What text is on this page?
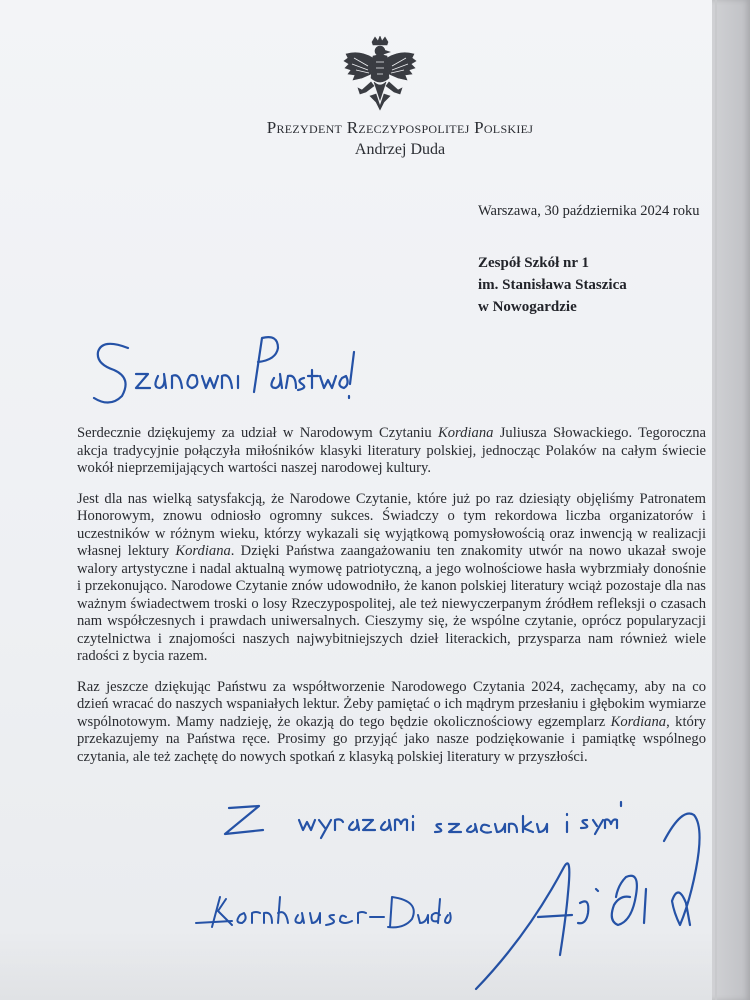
Prezydent Rzeczypospolitej Polskiej
Andrzej Duda
Warszawa, 30 października 2024 roku
Zespół Szkół nr 1
im. Stanisława Staszica
w Nowogardzie

Serdecznie dziękujemy za udział w Narodowym Czytaniu Kordiana Juliusza Słowackiego. Tegoroczna akcja tradycyjnie połączyła miłośników klasyki literatury polskiej, jednocząc Polaków na całym świecie wokół nieprzemijających wartości naszej narodowej kultury.

Jest dla nas wielką satysfakcją, że Narodowe Czytanie, które już po raz dziesiąty objęliśmy Patronatem Honorowym, znowu odniosło ogromny sukces. Świadczy o tym rekordowa liczba organizatorów i uczestników w różnym wieku, którzy wykazali się wyjątkową pomysłowością oraz inwencją w realizacji własnej lektury Kordiana. Dzięki Państwa zaangażowaniu ten znakomity utwór na nowo ukazał swoje walory artystyczne i nadal aktualną wymowę patriotyczną, a jego wolnościowe hasła wybrzmiały donośnie i przekonująco. Narodowe Czytanie znów udowodniło, że kanon polskiej literatury wciąż pozostaje dla nas ważnym świadectwem troski o losy Rzeczypospolitej, ale też niewyczerpanym źródłem refleksji o czasach nam współczesnych i prawdach uniwersalnych. Cieszymy się, że wspólne czytanie, oprócz popularyzacji czytelnictwa i znajomości naszych najwybitniejszych dzieł literackich, przysparza nam również wiele radości z bycia razem.

Raz jeszcze dziękując Państwu za współtworzenie Narodowego Czytania 2024, zachęcamy, aby na co dzień wracać do naszych wspaniałych lektur. Żeby pamiętać o ich mądrym przesłaniu i głębokim wymiarze wspólnotowym. Mamy nadzieję, że okazją do tego będzie okolicznościowy egzemplarz Kordiana, który przekazujemy na Państwa ręce. Prosimy go przyjąć jako nasze podziękowanie i pamiątkę wspólnego czytania, ale też zachętę do nowych spotkań z klasyką polskiej literatury w przyszłości.
